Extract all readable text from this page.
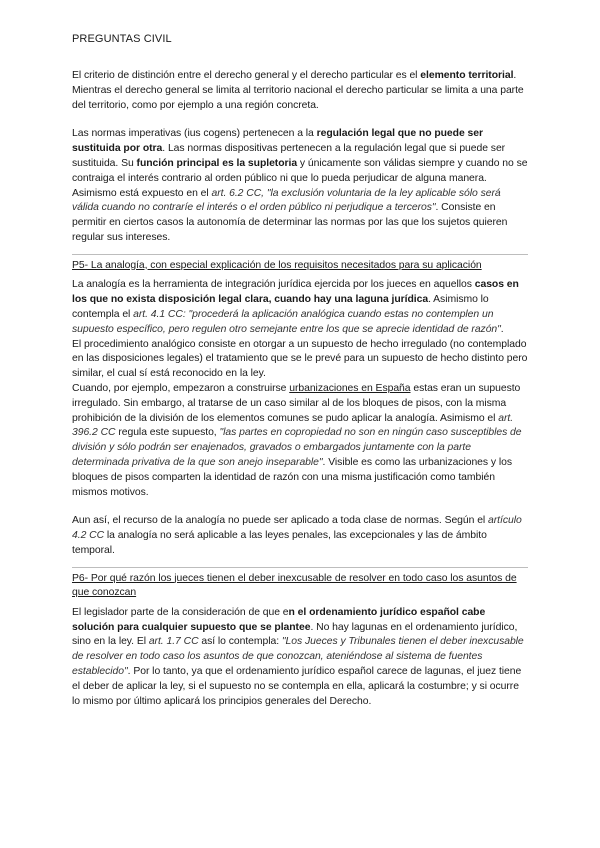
PREGUNTAS CIVIL

El criterio de distinción entre el derecho general y el derecho particular es el elemento territorial. Mientras el derecho general se limita al territorio nacional el derecho particular se limita a una parte del territorio, como por ejemplo a una región concreta.

Las normas imperativas (ius cogens) pertenecen a la regulación legal que no puede ser sustituida por otra. Las normas dispositivas pertenecen a la regulación legal que si puede ser sustituida. Su función principal es la supletoria y únicamente son válidas siempre y cuando no se contraiga el interés contrario al orden público ni que lo pueda perjudicar de alguna manera. Asimismo está expuesto en el art. 6.2 CC, "la exclusión voluntaria de la ley aplicable sólo será válida cuando no contraríe el interés o el orden público ni perjudique a terceros". Consiste en permitir en ciertos casos la autonomía de determinar las normas por las que los sujetos quieren regular sus intereses.

P5- La analogía, con especial explicación de los requisitos necesitados para su aplicación

La analogía es la herramienta de integración jurídica ejercida por los jueces en aquellos casos en los que no exista disposición legal clara, cuando hay una laguna jurídica. Asimismo lo contempla el art. 4.1 CC: "procederá la aplicación analógica cuando estas no contemplen un supuesto específico, pero regulen otro semejante entre los que se aprecie identidad de razón".

El procedimiento analógico consiste en otorgar a un supuesto de hecho irregulado (no contemplado en las disposiciones legales) el tratamiento que se le prevé para un supuesto de hecho distinto pero similar, el cual sí está reconocido en la ley.

Cuando, por ejemplo, empezaron a construirse urbanizaciones en España estas eran un supuesto irregulado. Sin embargo, al tratarse de un caso similar al de los bloques de pisos, con la misma prohibición de la división de los elementos comunes se pudo aplicar la analogía. Asimismo el art. 396.2 CC regula este supuesto, "las partes en copropiedad no son en ningún caso susceptibles de división y sólo podrán ser enajenados, gravados o embargados juntamente con la parte determinada privativa de la que son anejo inseparable". Visible es como las urbanizaciones y los bloques de pisos comparten la identidad de razón con una misma justificación como también mismos motivos.

Aun así, el recurso de la analogía no puede ser aplicado a toda clase de normas. Según el artículo 4.2 CC la analogía no será aplicable a las leyes penales, las excepcionales y las de ámbito temporal.

P6- Por qué razón los jueces tienen el deber inexcusable de resolver en todo caso los asuntos de que conozcan

El legislador parte de la consideración de que en el ordenamiento jurídico español cabe solución para cualquier supuesto que se plantee. No hay lagunas en el ordenamiento jurídico, sino en la ley. El art. 1.7 CC así lo contempla: "Los Jueces y Tribunales tienen el deber inexcusable de resolver en todo caso los asuntos de que conozcan, ateniéndose al sistema de fuentes establecido". Por lo tanto, ya que el ordenamiento jurídico español carece de lagunas, el juez tiene el deber de aplicar la ley, si el supuesto no se contempla en ella, aplicará la costumbre; y si ocurre lo mismo por último aplicará los principios generales del Derecho.
